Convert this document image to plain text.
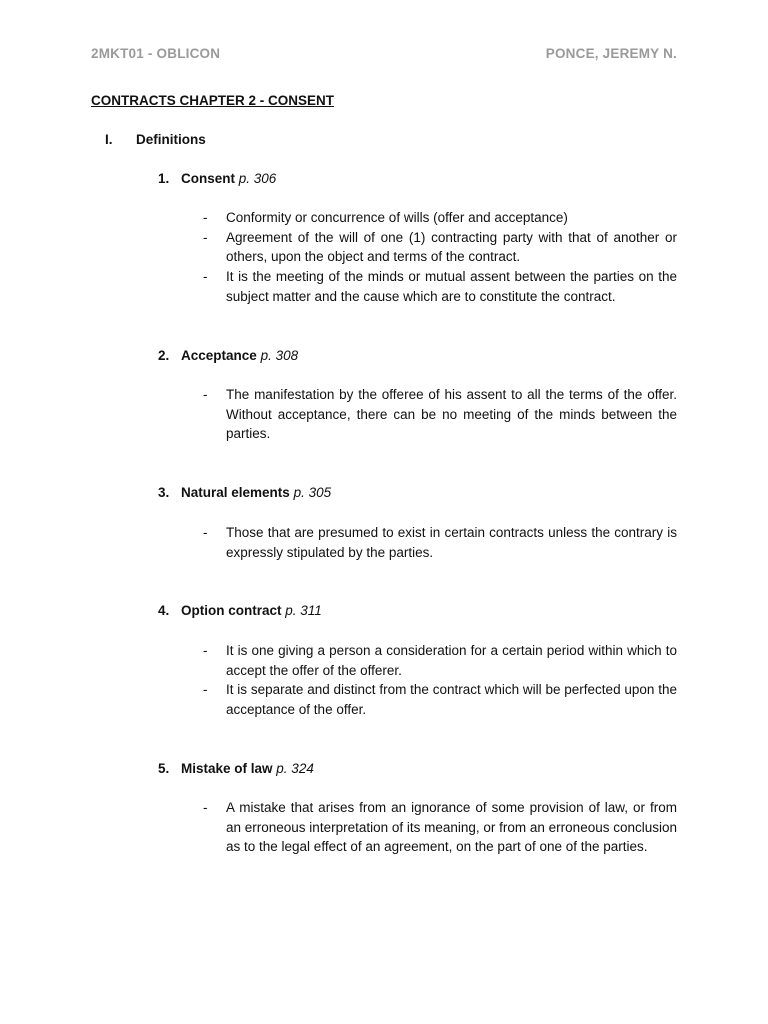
2MKT01 - OBLICON	PONCE, JEREMY N.
CONTRACTS CHAPTER 2 - CONSENT
I. Definitions
1. Consent p. 306
- Conformity or concurrence of wills (offer and acceptance)
- Agreement of the will of one (1) contracting party with that of another or others, upon the object and terms of the contract.
- It is the meeting of the minds or mutual assent between the parties on the subject matter and the cause which are to constitute the contract.
2. Acceptance p. 308
- The manifestation by the offeree of his assent to all the terms of the offer. Without acceptance, there can be no meeting of the minds between the parties.
3. Natural elements p. 305
- Those that are presumed to exist in certain contracts unless the contrary is expressly stipulated by the parties.
4. Option contract p. 311
- It is one giving a person a consideration for a certain period within which to accept the offer of the offerer.
- It is separate and distinct from the contract which will be perfected upon the acceptance of the offer.
5. Mistake of law p. 324
- A mistake that arises from an ignorance of some provision of law, or from an erroneous interpretation of its meaning, or from an erroneous conclusion as to the legal effect of an agreement, on the part of one of the parties.
